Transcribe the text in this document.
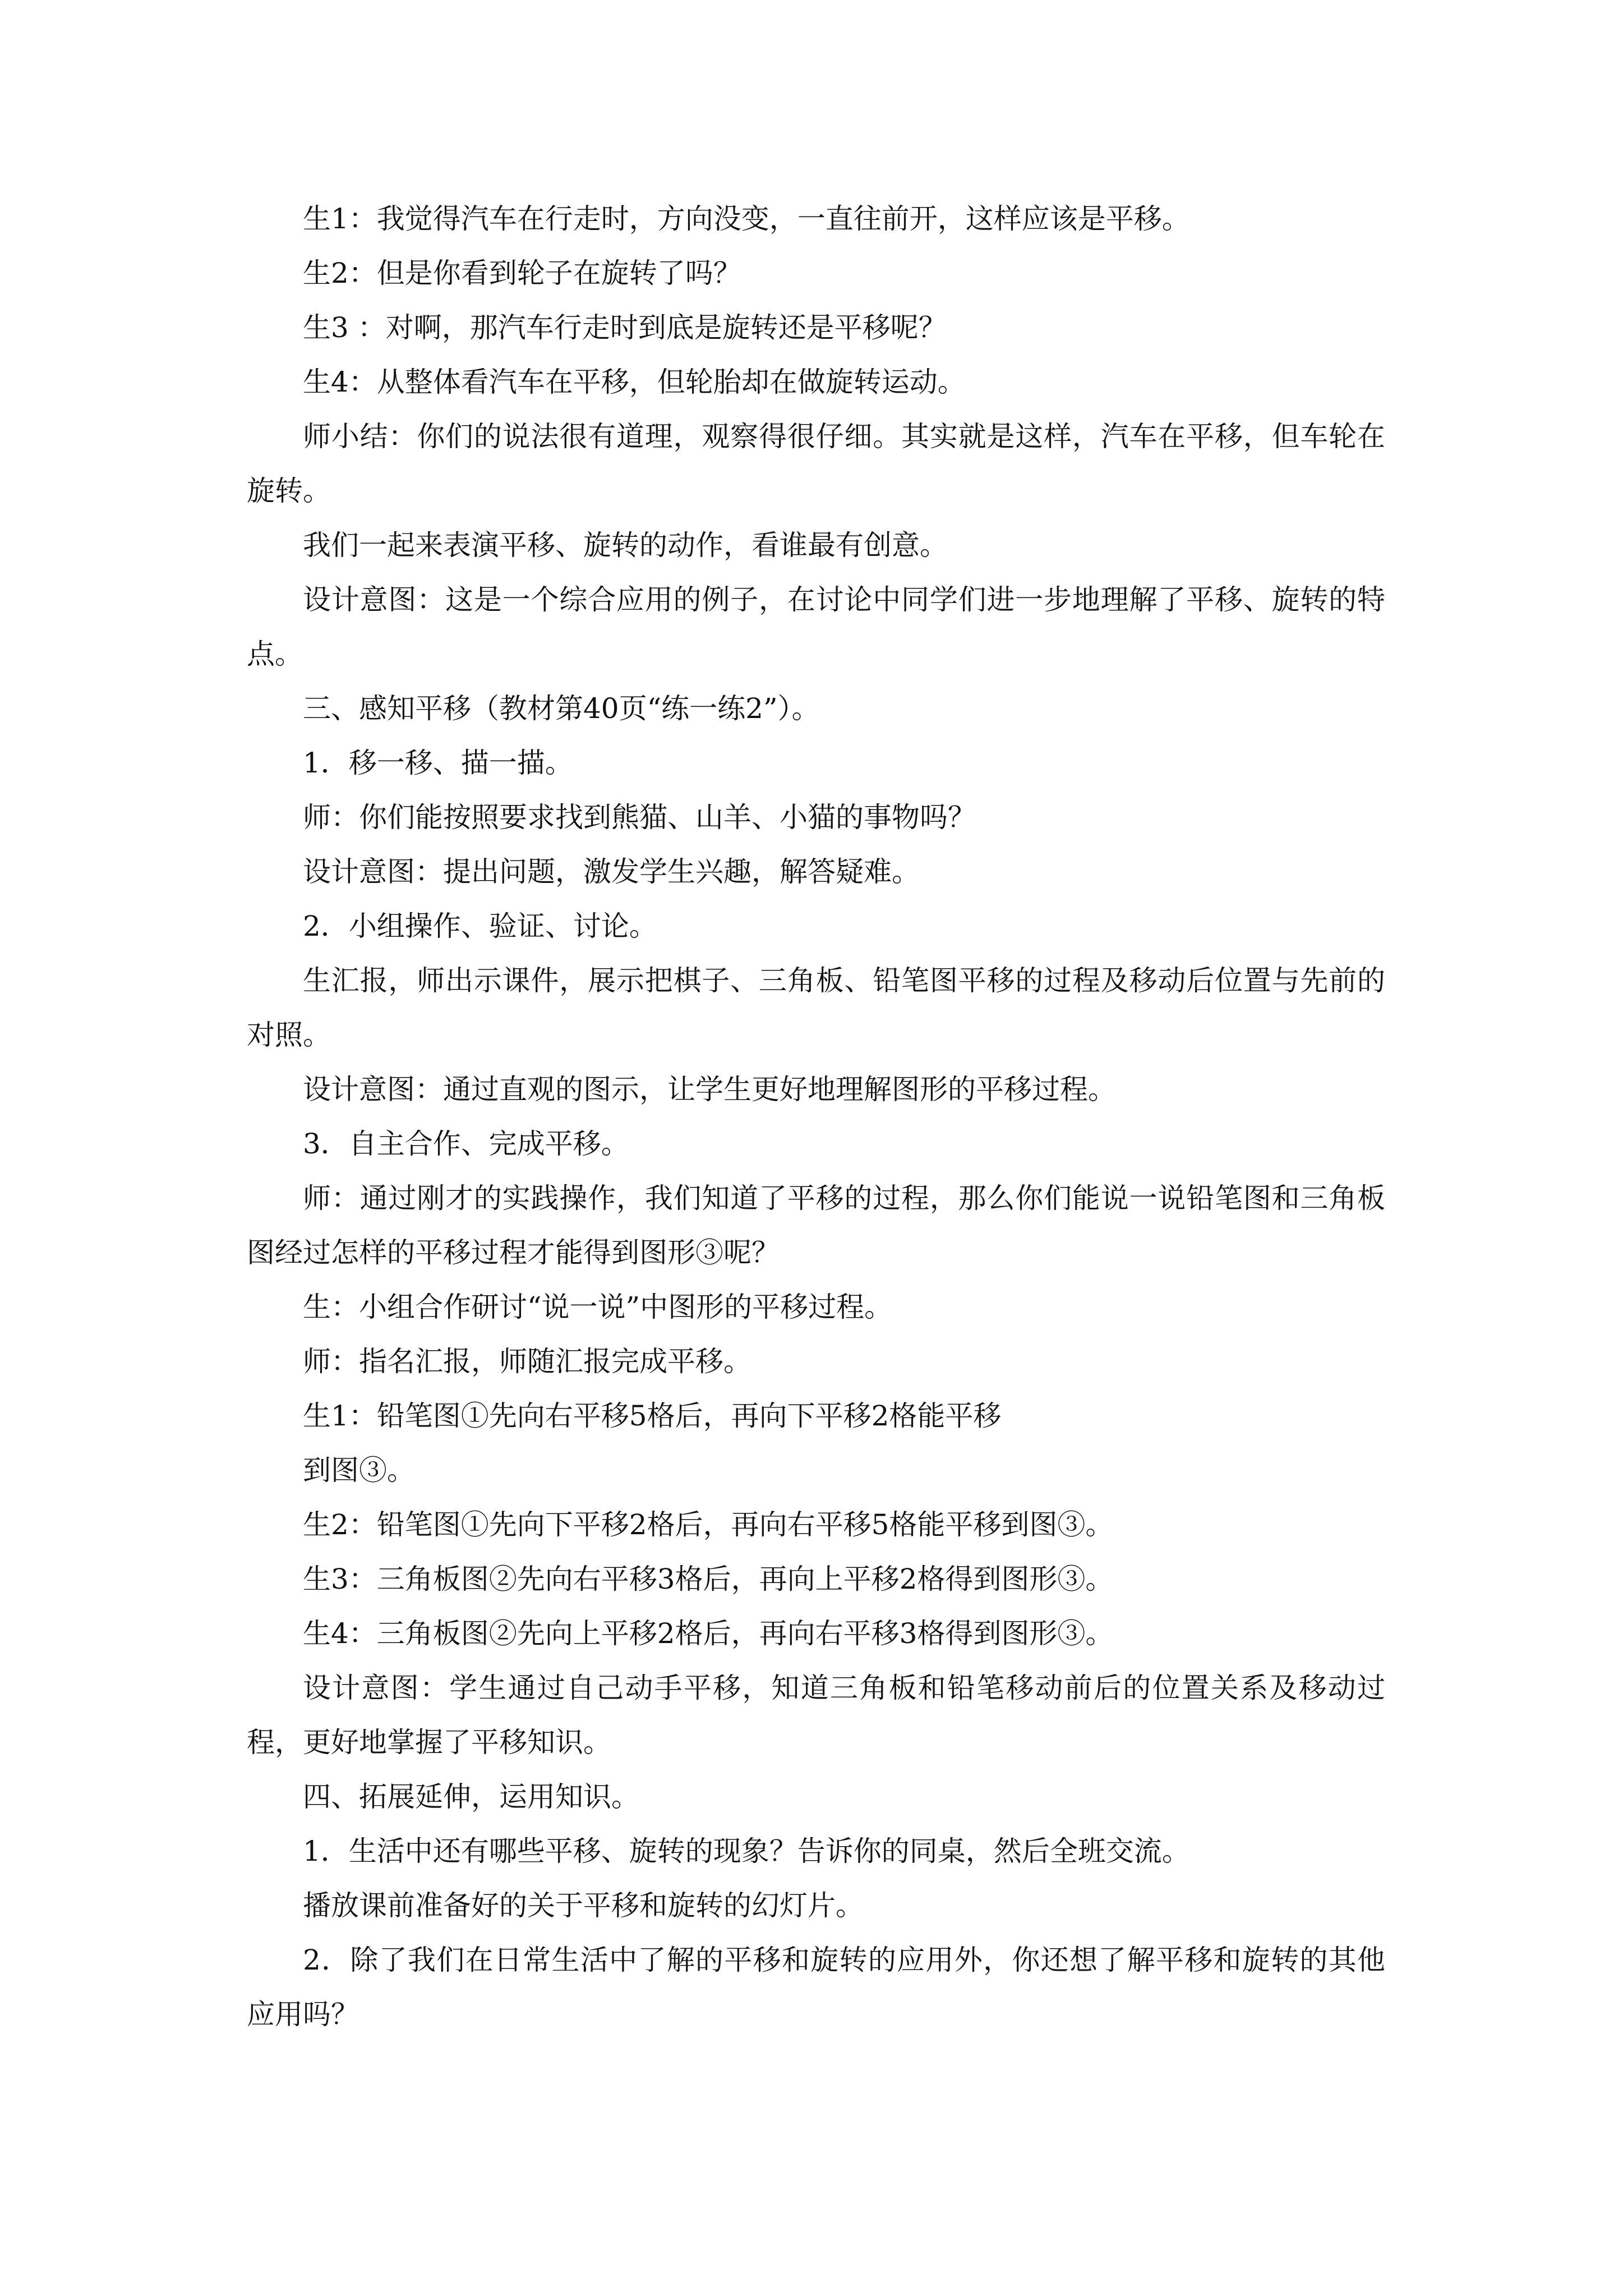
生1：我觉得汽车在行走时，方向没变，一直往前开，这样应该是平移。

生2：但是你看到轮子在旋转了吗？

生3 ：对啊，那汽车行走时到底是旋转还是平移呢？

生4：从整体看汽车在平移，但轮胎却在做旋转运动。

师小结：你们的说法很有道理，观察得很仔细。其实就是这样，汽车在平移，但车轮在旋转。

我们一起来表演平移、旋转的动作，看谁最有创意。

设计意图：这是一个综合应用的例子，在讨论中同学们进一步地理解了平移、旋转的特点。

三、感知平移（教材第40页“练一练2”）。

1．移一移、描一描。

师：你们能按照要求找到熊猫、山羊、小猫的事物吗？

设计意图：提出问题，激发学生兴趣，解答疑难。

2．小组操作、验证、讨论。

生汇报，师出示课件，展示把棋子、三角板、铅笔图平移的过程及移动后位置与先前的对照。

设计意图：通过直观的图示，让学生更好地理解图形的平移过程。

3．自主合作、完成平移。

师：通过刚才的实践操作，我们知道了平移的过程，那么你们能说一说铅笔图和三角板图经过怎样的平移过程才能得到图形③呢？

生：小组合作研讨“说一说”中图形的平移过程。

师：指名汇报，师随汇报完成平移。

生1：铅笔图①先向右平移5格后，再向下平移2格能平移

到图③。

生2：铅笔图①先向下平移2格后，再向右平移5格能平移到图③。

生3：三角板图②先向右平移3格后，再向上平移2格得到图形③。

生4：三角板图②先向上平移2格后，再向右平移3格得到图形③。

设计意图：学生通过自己动手平移，知道三角板和铅笔移动前后的位置关系及移动过程，更好地掌握了平移知识。

四、拓展延伸，运用知识。

1．生活中还有哪些平移、旋转的现象？告诉你的同桌，然后全班交流。

播放课前准备好的关于平移和旋转的幻灯片。

2．除了我们在日常生活中了解的平移和旋转的应用外，你还想了解平移和旋转的其他应用吗？
